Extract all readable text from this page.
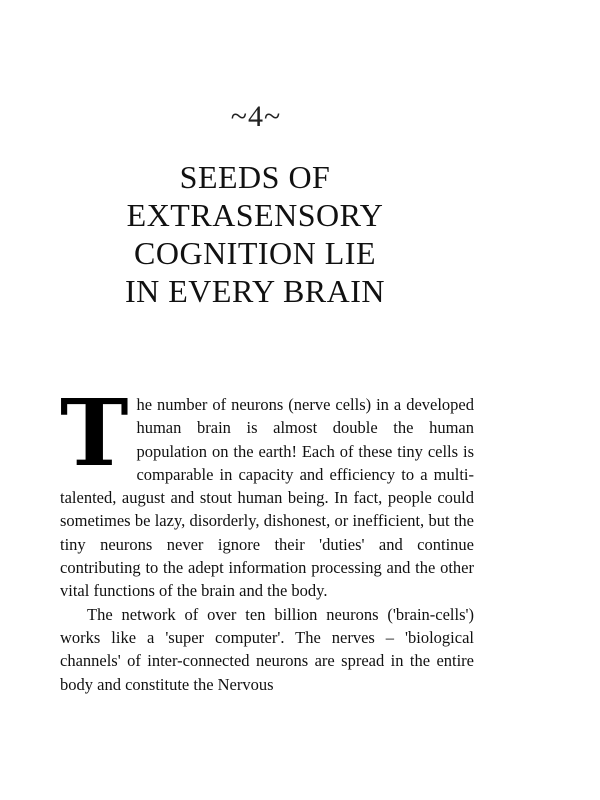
~4~
SEEDS OF
EXTRASENSORY
COGNITION LIE
IN EVERY BRAIN

The number of neurons (nerve cells) in a developed human brain is almost double the human population on the earth! Each of these tiny cells is comparable in capacity and efficiency to a multi-talented, august and stout human being. In fact, people could sometimes be lazy, disorderly, dishonest, or inefficient, but the tiny neurons never ignore their 'duties' and continue contributing to the adept information processing and the other vital functions of the brain and the body.

The network of over ten billion neurons ('brain-cells') works like a 'super computer'. The nerves – 'biological channels' of inter-connected neurons are spread in the entire body and constitute the Nervous
